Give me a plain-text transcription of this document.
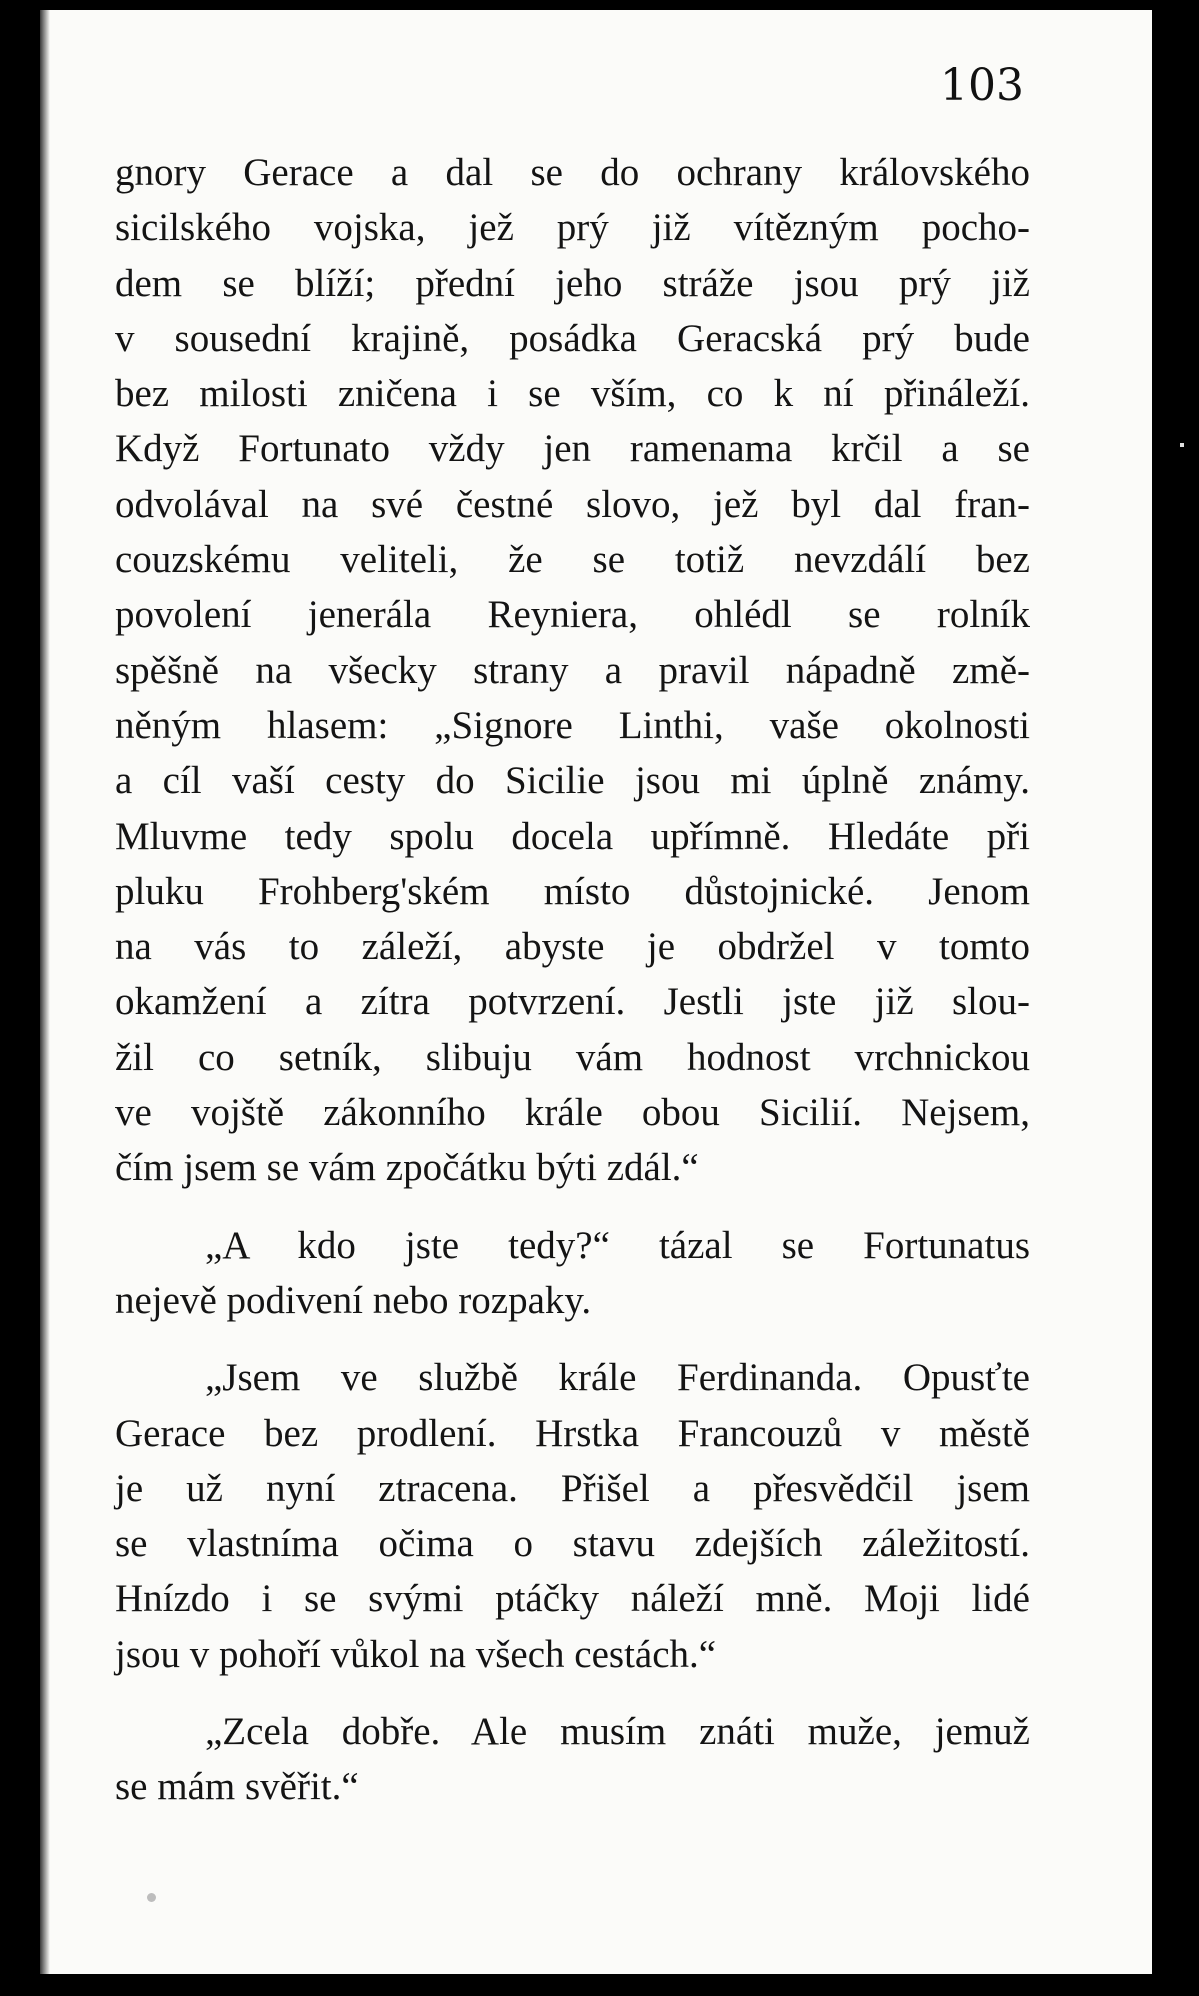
103

gnory Gerace a dal se do ochrany královského
sicilského vojska, jež prý již vítězným pocho-
dem se blíží; přední jeho stráže jsou prý již
v sousední krajině, posádka Geracská prý bude
bez milosti zničena i se vším, co k ní přináleží.
Když Fortunato vždy jen ramenama krčil a se
odvolával na své čestné slovo, jež byl dal fran-
couzskému veliteli, že se totiž nevzdálí bez
povolení jenerála Reyniera, ohlédl se rolník
spěšně na všecky strany a pravil nápadně změ-
něným hlasem: „Signore Linthi, vaše okolnosti
a cíl vaší cesty do Sicilie jsou mi úplně známy.
Mluvme tedy spolu docela upřímně. Hledáte při
pluku Frohberg'ském místo důstojnické. Jenom
na vás to záleží, abyste je obdržel v tomto
okamžení a zítra potvrzení. Jestli jste již slou-
žil co setník, slibuju vám hodnost vrchnickou
ve vojště zákonního krále obou Sicilií. Nejsem,
čím jsem se vám zpočátku býti zdál.“

„A kdo jste tedy?“ tázal se Fortunatus
nejevě podivení nebo rozpaky.

„Jsem ve službě krále Ferdinanda. Opusťte
Gerace bez prodlení. Hrstka Francouzů v městě
je už nyní ztracena. Přišel a přesvědčil jsem
se vlastníma očima o stavu zdejších záležitostí.
Hnízdo i se svými ptáčky náleží mně. Moji lidé
jsou v pohoří vůkol na všech cestách.“

„Zcela dobře. Ale musím znáti muže, jemuž
se mám svěřit.“
